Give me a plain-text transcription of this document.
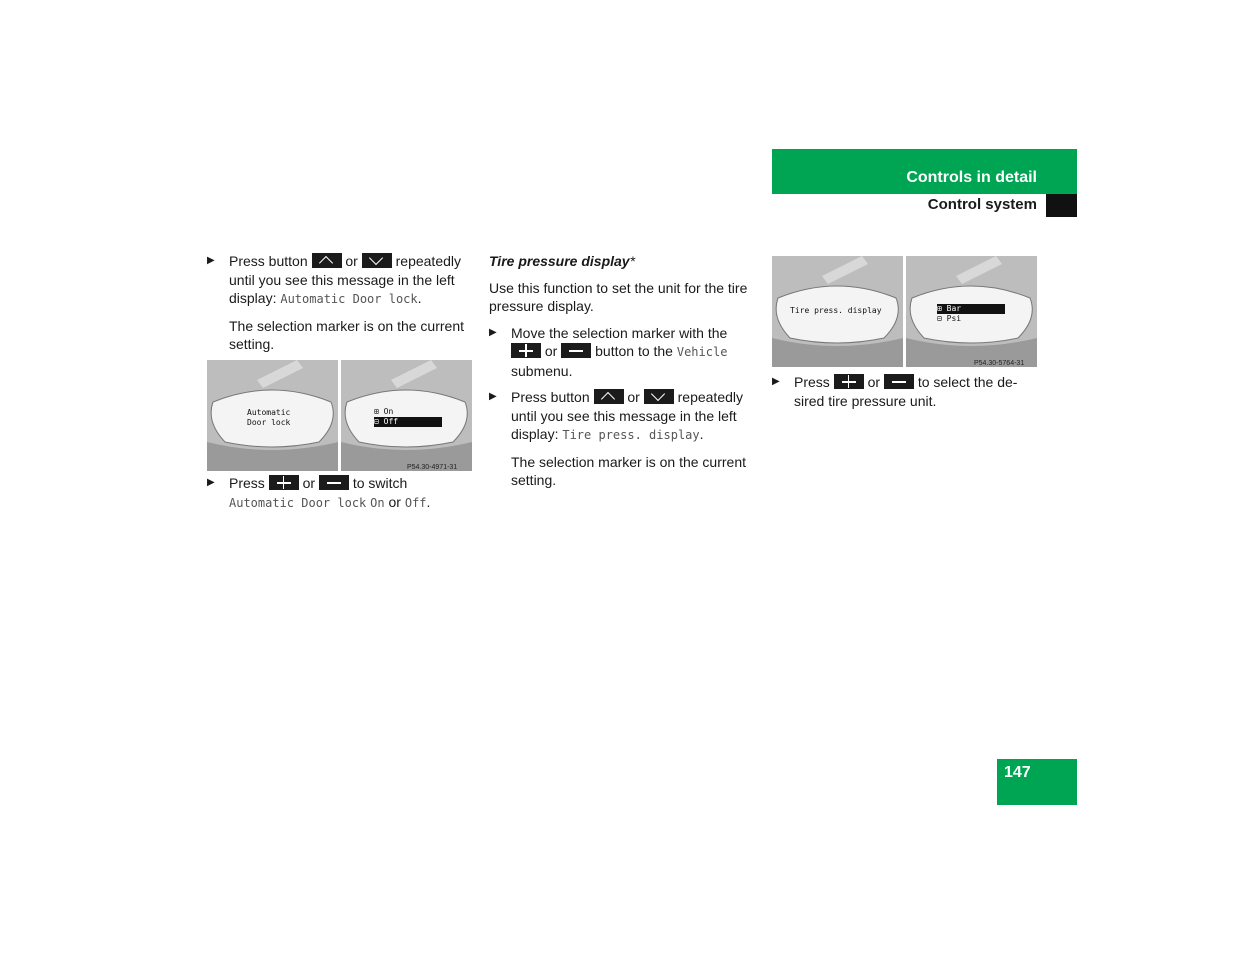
Controls in detail
Control system
▶ Press button	or	repeatedly until you see this message in the left display: Automatic Door lock.
The selection marker is on the current setting.
Automatic
Door lock
⊞ On
⊟ Off
P54.30-4971-31
▶ Press	or	to switch Automatic Door lock On or Off.
Tire pressure display*
Use this function to set the unit for the tire pressure display.
▶ Move the selection marker with the  or	button to the Vehicle submenu.
▶ Press button	or	repeatedly until you see this message in the left display: Tire press. display.
The selection marker is on the current setting.
Tire press. display	⊞ Bar
⊟ Psi
P54.30-5764-31
▶ Press	or	to select the de-sired tire pressure unit.
147
